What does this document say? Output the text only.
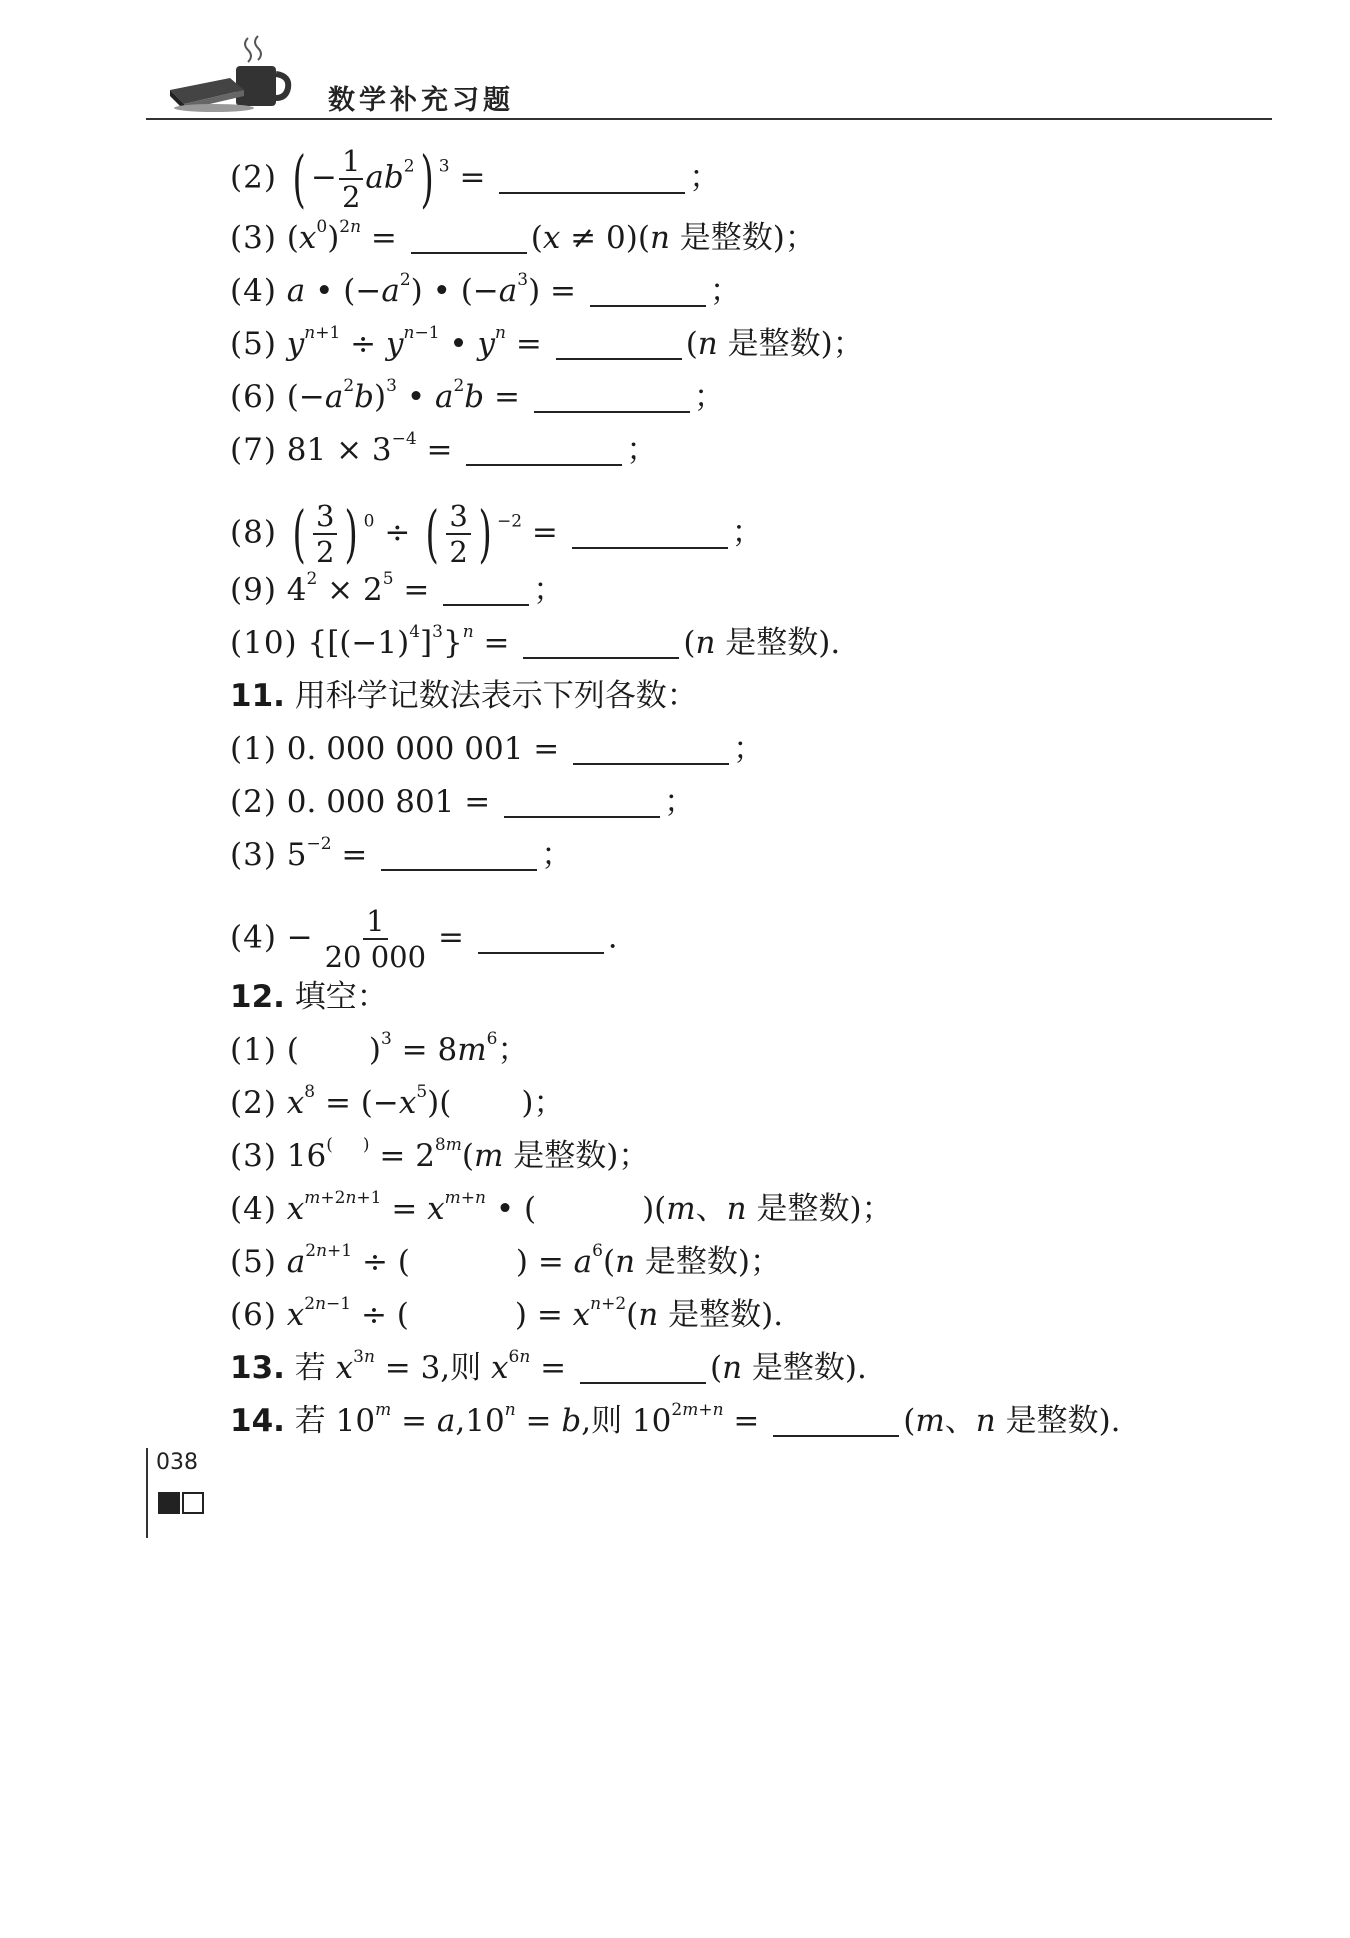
数学补充习题
(2) ( − $\frac{1}{2} ab^2$) $^3$ =	；
(3) $(x^0)^{2n}$ =	(x ≠ 0)(n 是整数)；
(4) a • $(-a^2)$ • $(-a^3)$ =	；
(5) $y^{n+1} \div y^{n-1}$ • $y^n$ =	(n 是整数)；
(6) $(-a^2b)^3$ • $a^2b$ =	；
(7) $81 \times 3^{-4}$ =	；
(8) ( $\frac{3}{2}$ ) $^0$ ÷ ( $\frac{3}{2}$ ) $^{-2}$ =	；
(9) $4^2 \times 2^5$ =	；
(10) $\{[(-1)^4]^3\}^n$ =	(n 是整数).
11. 用科学记数法表示下列各数：
(1) 0. 000 000 001 =	；
(2) 0. 000 801 =	；
(3) $5^{-2}$ =	；
$(4) - \frac{1}{20 000}$ =	.
12. 填空：
(1) ( )$^3 = 8m^6$；
(2) $x^8 = (-x^5)$( )；
(3) $16^{( )} = 2^{8m}(m$ 是整数)；
(4) $x^{m+2n+1} = x^{m+n}$ • (	)(m、n 是整数)；
(5) $a^{2n+1}$ ÷ (	) = $a^6(n$ 是整数)；
(6) $x^{2n-1}$ ÷ (	) = $x^{n+2}(n$ 是整数).
13. 若 $x^{3n} = 3$,则 $x^{6n}$ =	(n 是整数).
14. 若 $10^m = a,10^n = b$,则 $10^{2m+n}$ =	(m、n 是整数).
038
